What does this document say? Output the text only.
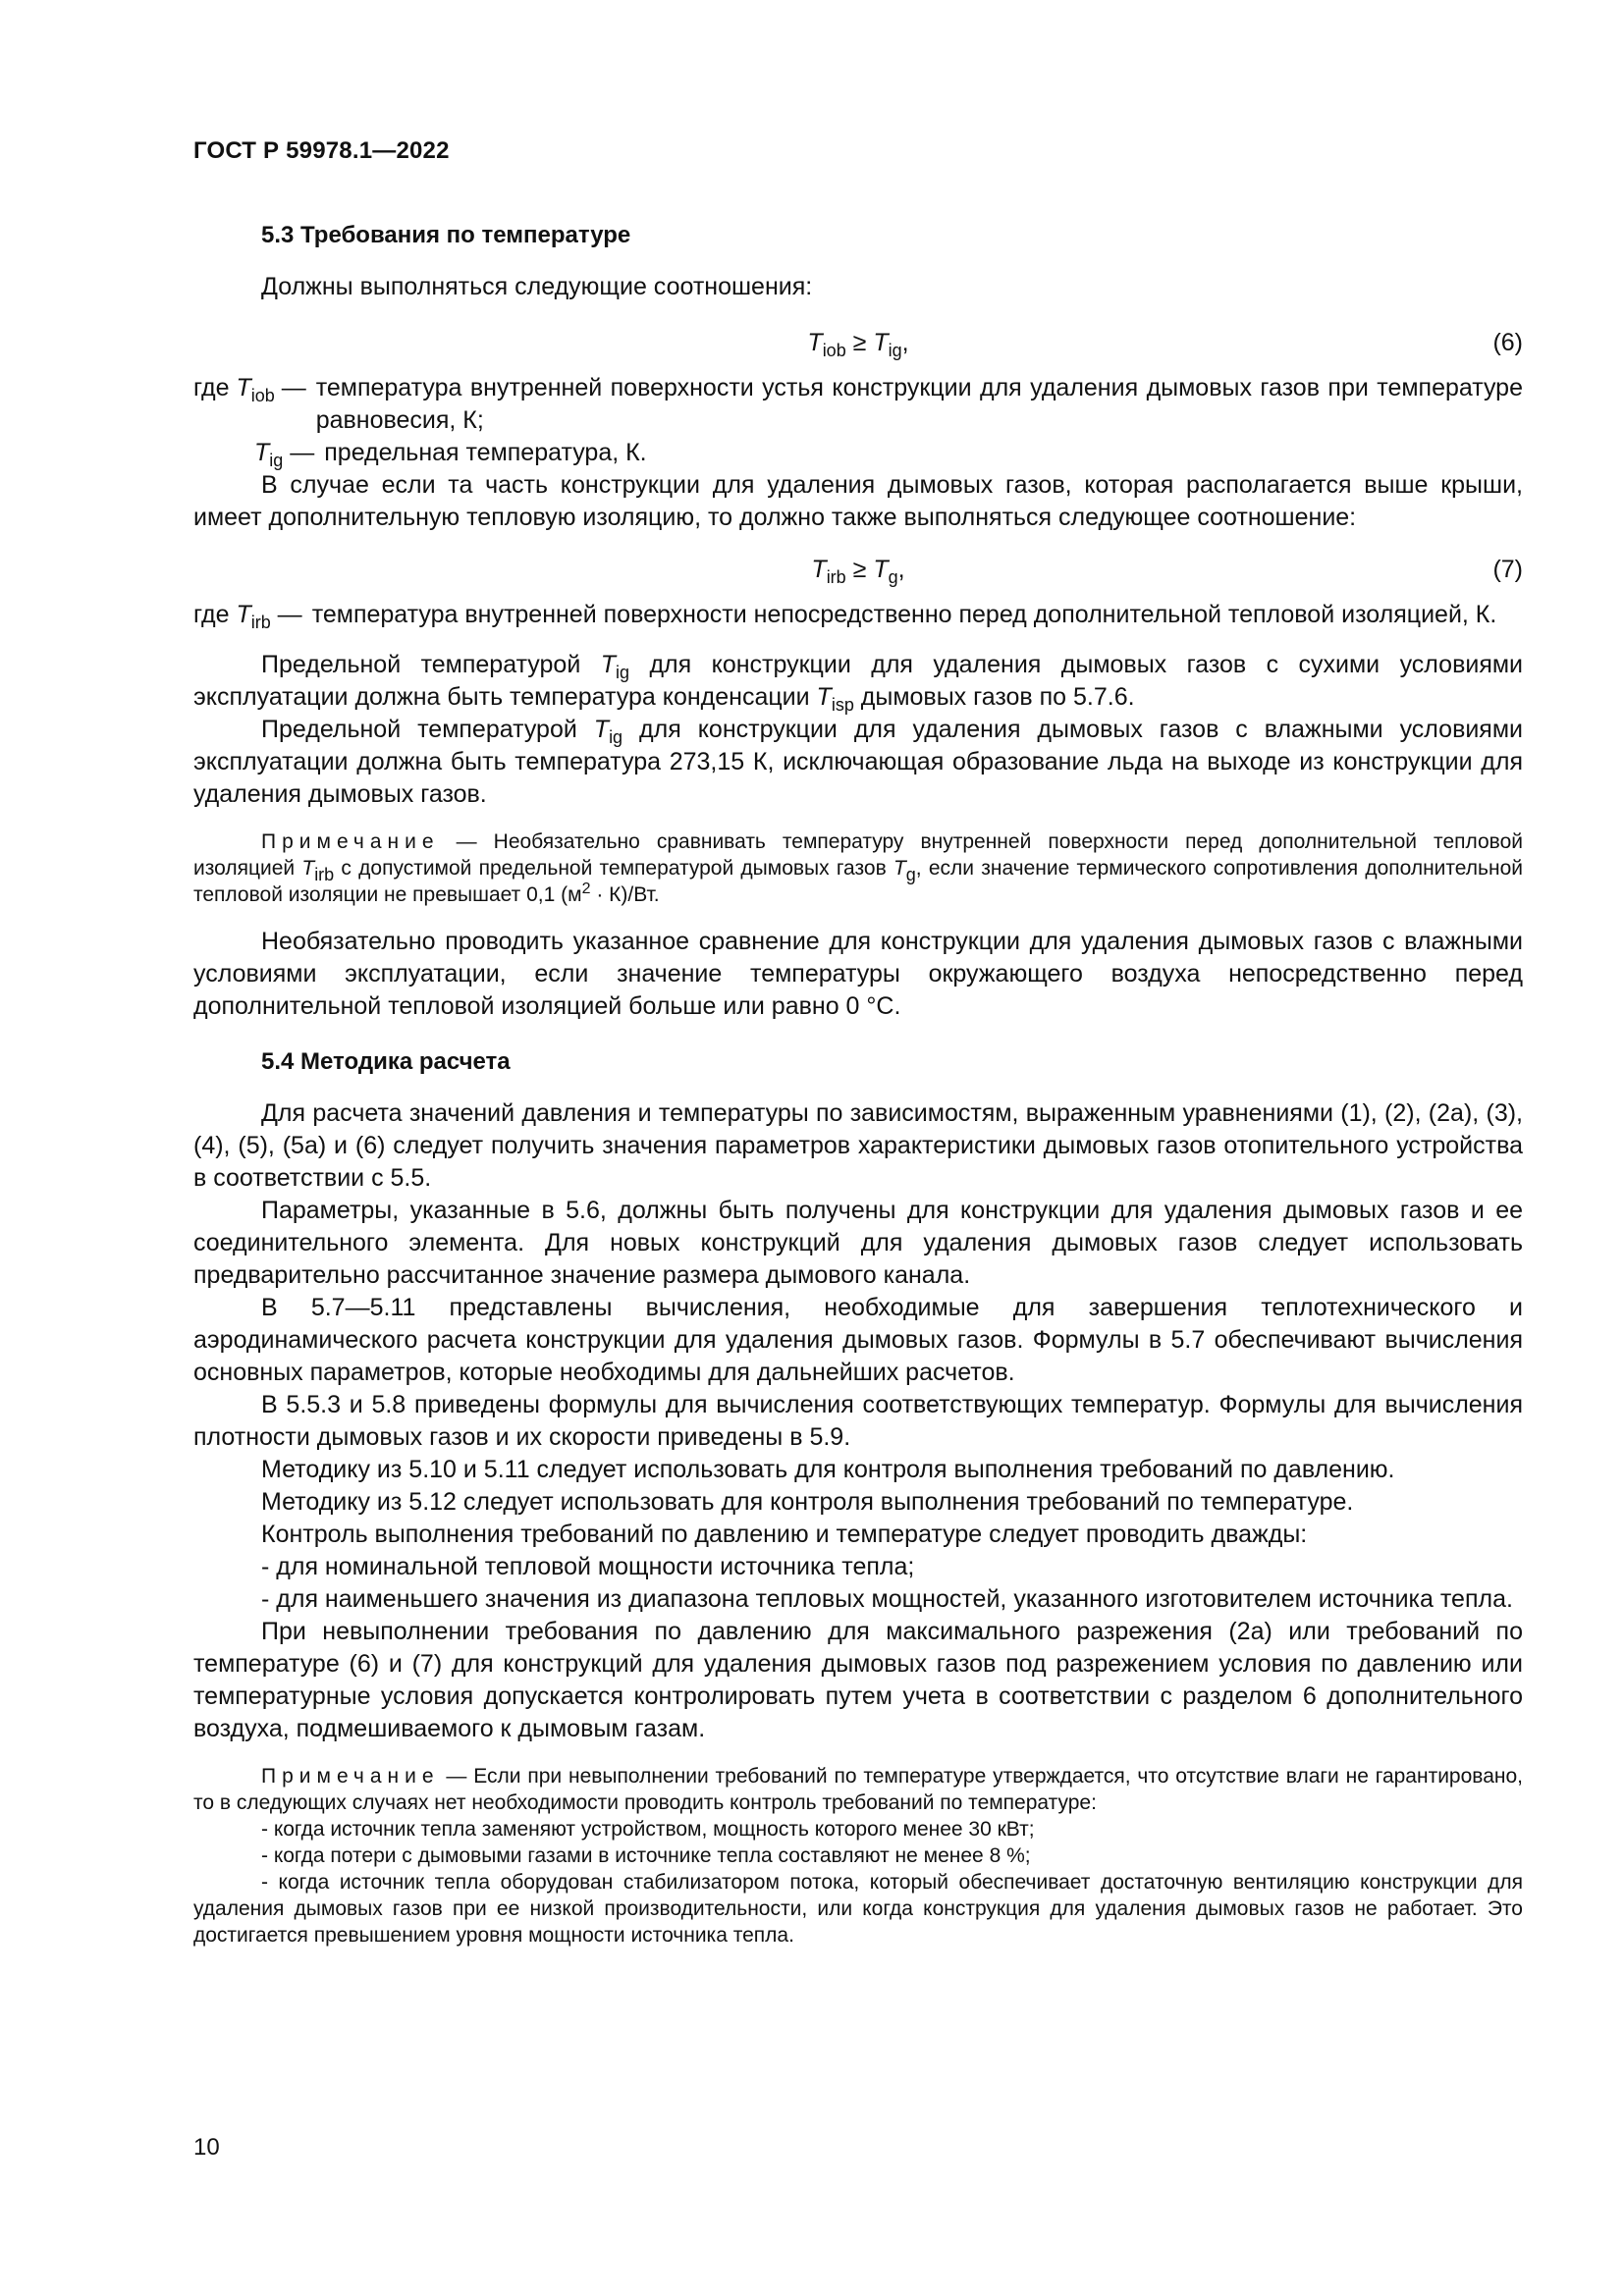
ГОСТ Р 59978.1—2022
5.3 Требования по температуре
Должны выполняться следующие соотношения:
$T_{iob} \ge T_{ig}$,	(6)
где $T_{iob}$ — температура внутренней поверхности устья конструкции для удаления дымовых газов при температуре равновесия, К;
$T_{ig}$ — предельная температура, К.

В случае если та часть конструкции для удаления дымовых газов, которая располагается выше крыши, имеет дополнительную тепловую изоляцию, то должно также выполняться следующее соотношение:

$T_{irb} \ge T_g$,	(7)
где $T_{irb}$ — температура внутренней поверхности непосредственно перед дополнительной тепловой изоляцией, К.

Предельной температурой $T_{ig}$ для конструкции для удаления дымовых газов с сухими условиями эксплуатации должна быть температура конденсации $T_{isp}$ дымовых газов по 5.7.6.

Предельной температурой $T_{ig}$ для конструкции для удаления дымовых газов с влажными условиями эксплуатации должна быть температура 273,15 К, исключающая образование льда на выходе из конструкции для удаления дымовых газов.

Примечание — Необязательно сравнивать температуру внутренней поверхности перед дополнительной тепловой изоляцией $T_{irb}$ с допустимой предельной температурой дымовых газов $T_g$, если значение термического сопротивления дополнительной тепловой изоляции не превышает 0,1 $(м^2 \cdot К)/Вт$.

Необязательно проводить указанное сравнение для конструкции для удаления дымовых газов с влажными условиями эксплуатации, если значение температуры окружающего воздуха непосредственно перед дополнительной тепловой изоляцией больше или равно 0 °С.

5.4 Методика расчета

Для расчета значений давления и температуры по зависимостям, выраженным уравнениями (1), (2), (2а), (3), (4), (5), (5а) и (6) следует получить значения параметров характеристики дымовых газов отопительного устройства в соответствии с 5.5.

Параметры, указанные в 5.6, должны быть получены для конструкции для удаления дымовых газов и ее соединительного элемента. Для новых конструкций для удаления дымовых газов следует использовать предварительно рассчитанное значение размера дымового канала.

В 5.7—5.11 представлены вычисления, необходимые для завершения теплотехнического и аэродинамического расчета конструкции для удаления дымовых газов. Формулы в 5.7 обеспечивают вычисления основных параметров, которые необходимы для дальнейших расчетов.

В 5.5.3 и 5.8 приведены формулы для вычисления соответствующих температур. Формулы для вычисления плотности дымовых газов и их скорости приведены в 5.9.

Методику из 5.10 и 5.11 следует использовать для контроля выполнения требований по давлению.

Методику из 5.12 следует использовать для контроля выполнения требований по температуре.

Контроль выполнения требований по давлению и температуре следует проводить дважды:

- для номинальной тепловой мощности источника тепла;

- для наименьшего значения из диапазона тепловых мощностей, указанного изготовителем источника тепла.

При невыполнении требования по давлению для максимального разрежения (2а) или требований по температуре (6) и (7) для конструкций для удаления дымовых газов под разрежением условия по давлению или температурные условия допускается контролировать путем учета в соответствии с разделом 6 дополнительного воздуха, подмешиваемого к дымовым газам.

Примечание — Если при невыполнении требований по температуре утверждается, что отсутствие влаги не гарантировано, то в следующих случаях нет необходимости проводить контроль требований по температуре:

- когда источник тепла заменяют устройством, мощность которого менее 30 кВт;

- когда потери с дымовыми газами в источнике тепла составляют не менее 8 %;

- когда источник тепла оборудован стабилизатором потока, который обеспечивает достаточную вентиляцию конструкции для удаления дымовых газов при ее низкой производительности, или когда конструкция для удаления дымовых газов не работает. Это достигается превышением уровня мощности источника тепла.

10
